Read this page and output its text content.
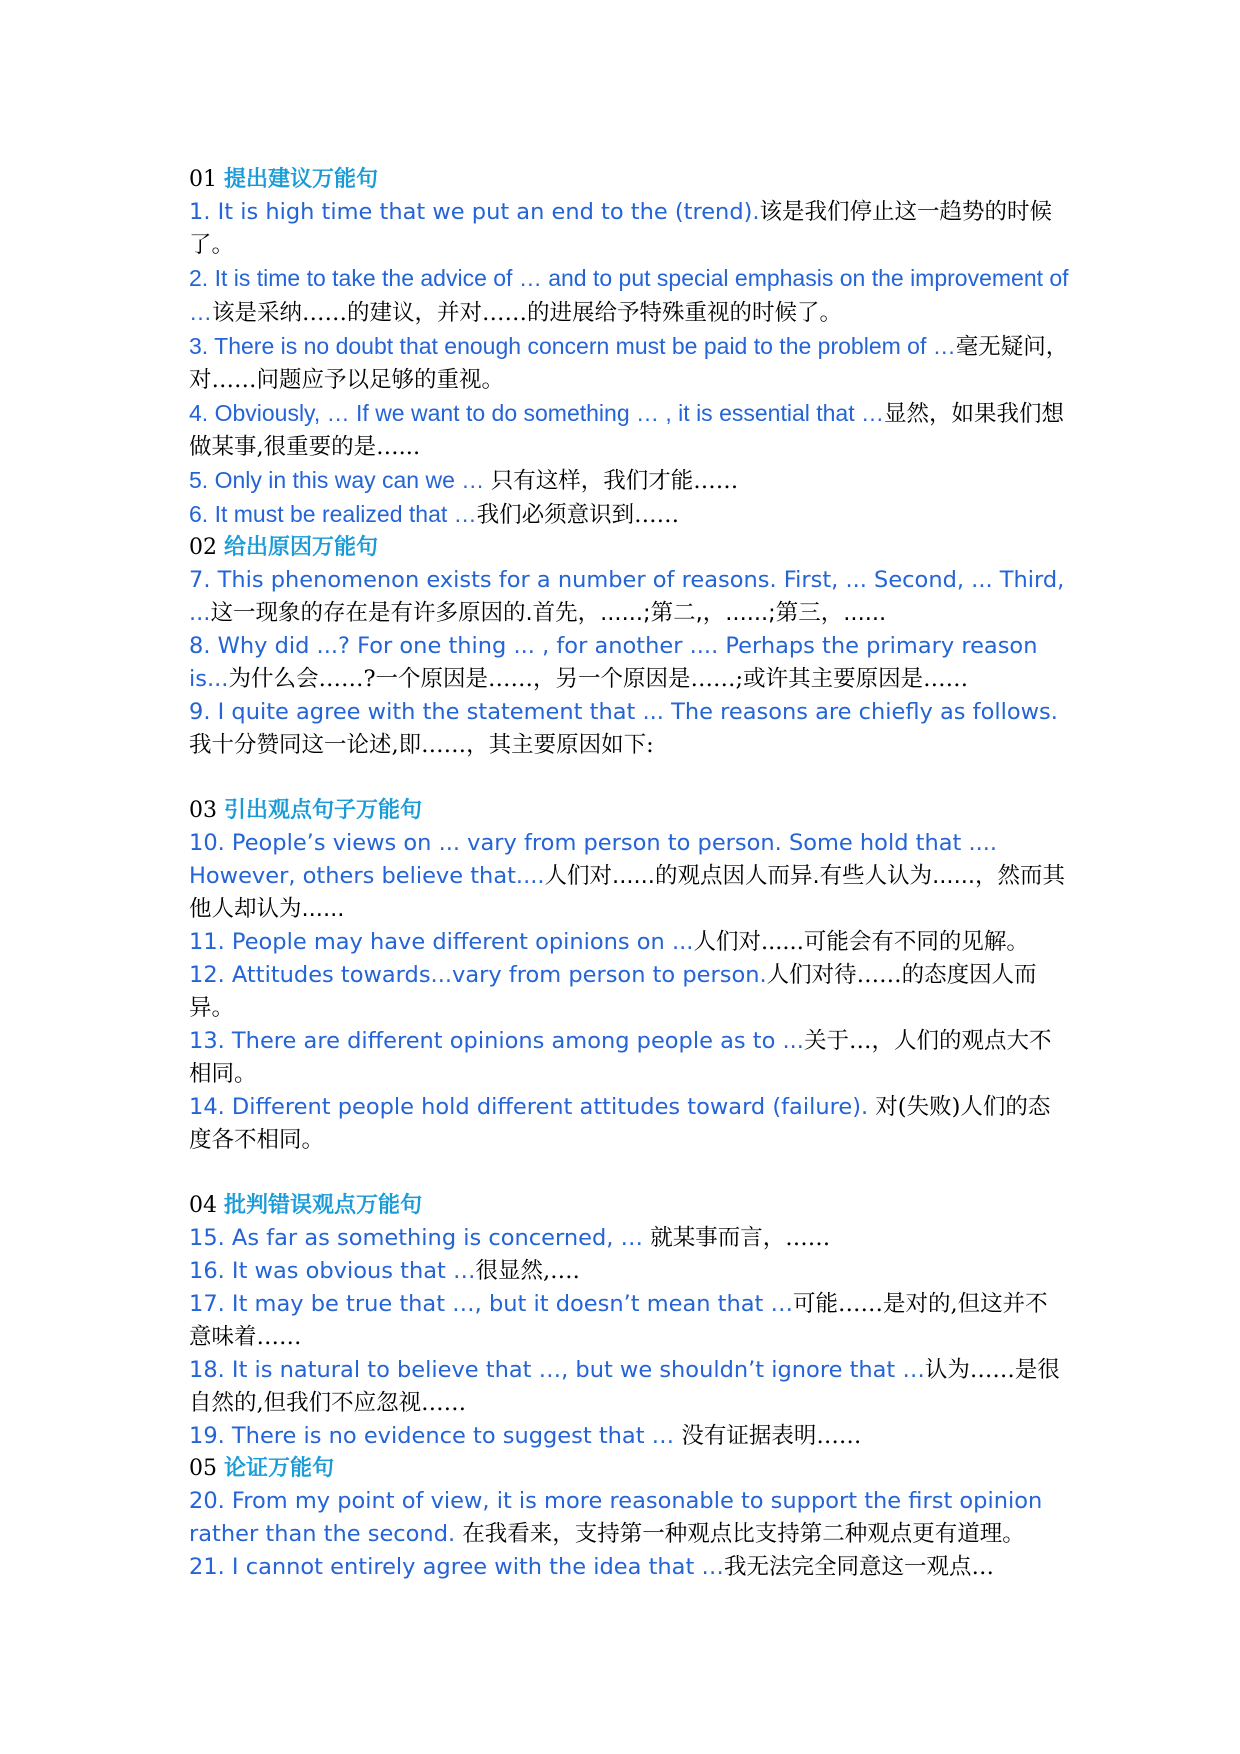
01 提出建议万能句
1. It is high time that we put an end to the (trend).该是我们停止这一趋势的时候了。
2. It is time to take the advice of … and to put special emphasis on the improvement of …该是采纳……的建议，并对……的进展给予特殊重视的时候了。
3. There is no doubt that enough concern must be paid to the problem of …毫无疑问，对……问题应予以足够的重视。
4. Obviously, … If we want to do something … , it is essential that …显然，如果我们想做某事,很重要的是…...
5. Only in this way can we … 只有这样，我们才能……
6. It must be realized that …我们必须意识到……
02 给出原因万能句
7. This phenomenon exists for a number of reasons. First, ... Second, ... Third, ...这一现象的存在是有许多原因的.首先，......;第二,，......;第三，......
8. Why did ...? For one thing ... , for another .... Perhaps the primary reason is...为什么会……?一个原因是……，另一个原因是……;或许其主要原因是……
9. I quite agree with the statement that ... The reasons are chiefly as follows.我十分赞同这一论述,即……，其主要原因如下:
03 引出观点句子万能句
10. People’s views on ... vary from person to person. Some hold that .... However, others believe that....人们对......的观点因人而异.有些人认为......，然而其他人却认为......
11. People may have different opinions on ...人们对......可能会有不同的见解。
12. Attitudes towards...vary from person to person.人们对待……的态度因人而异。
13. There are different opinions among people as to ...关于…，人们的观点大不相同。
14. Different people hold different attitudes toward (failure). 对(失败)人们的态度各不相同。
04 批判错误观点万能句
15. As far as something is concerned, … 就某事而言，……
16. It was obvious that …很显然,….
17. It may be true that …, but it doesn’t mean that …可能……是对的,但这并不意味着……
18. It is natural to believe that …, but we shouldn’t ignore that …认为……是很自然的,但我们不应忽视……
19. There is no evidence to suggest that … 没有证据表明……
05 论证万能句
20. From my point of view, it is more reasonable to support the first opinion rather than the second. 在我看来，支持第一种观点比支持第二种观点更有道理。
21. I cannot entirely agree with the idea that …我无法完全同意这一观点…
